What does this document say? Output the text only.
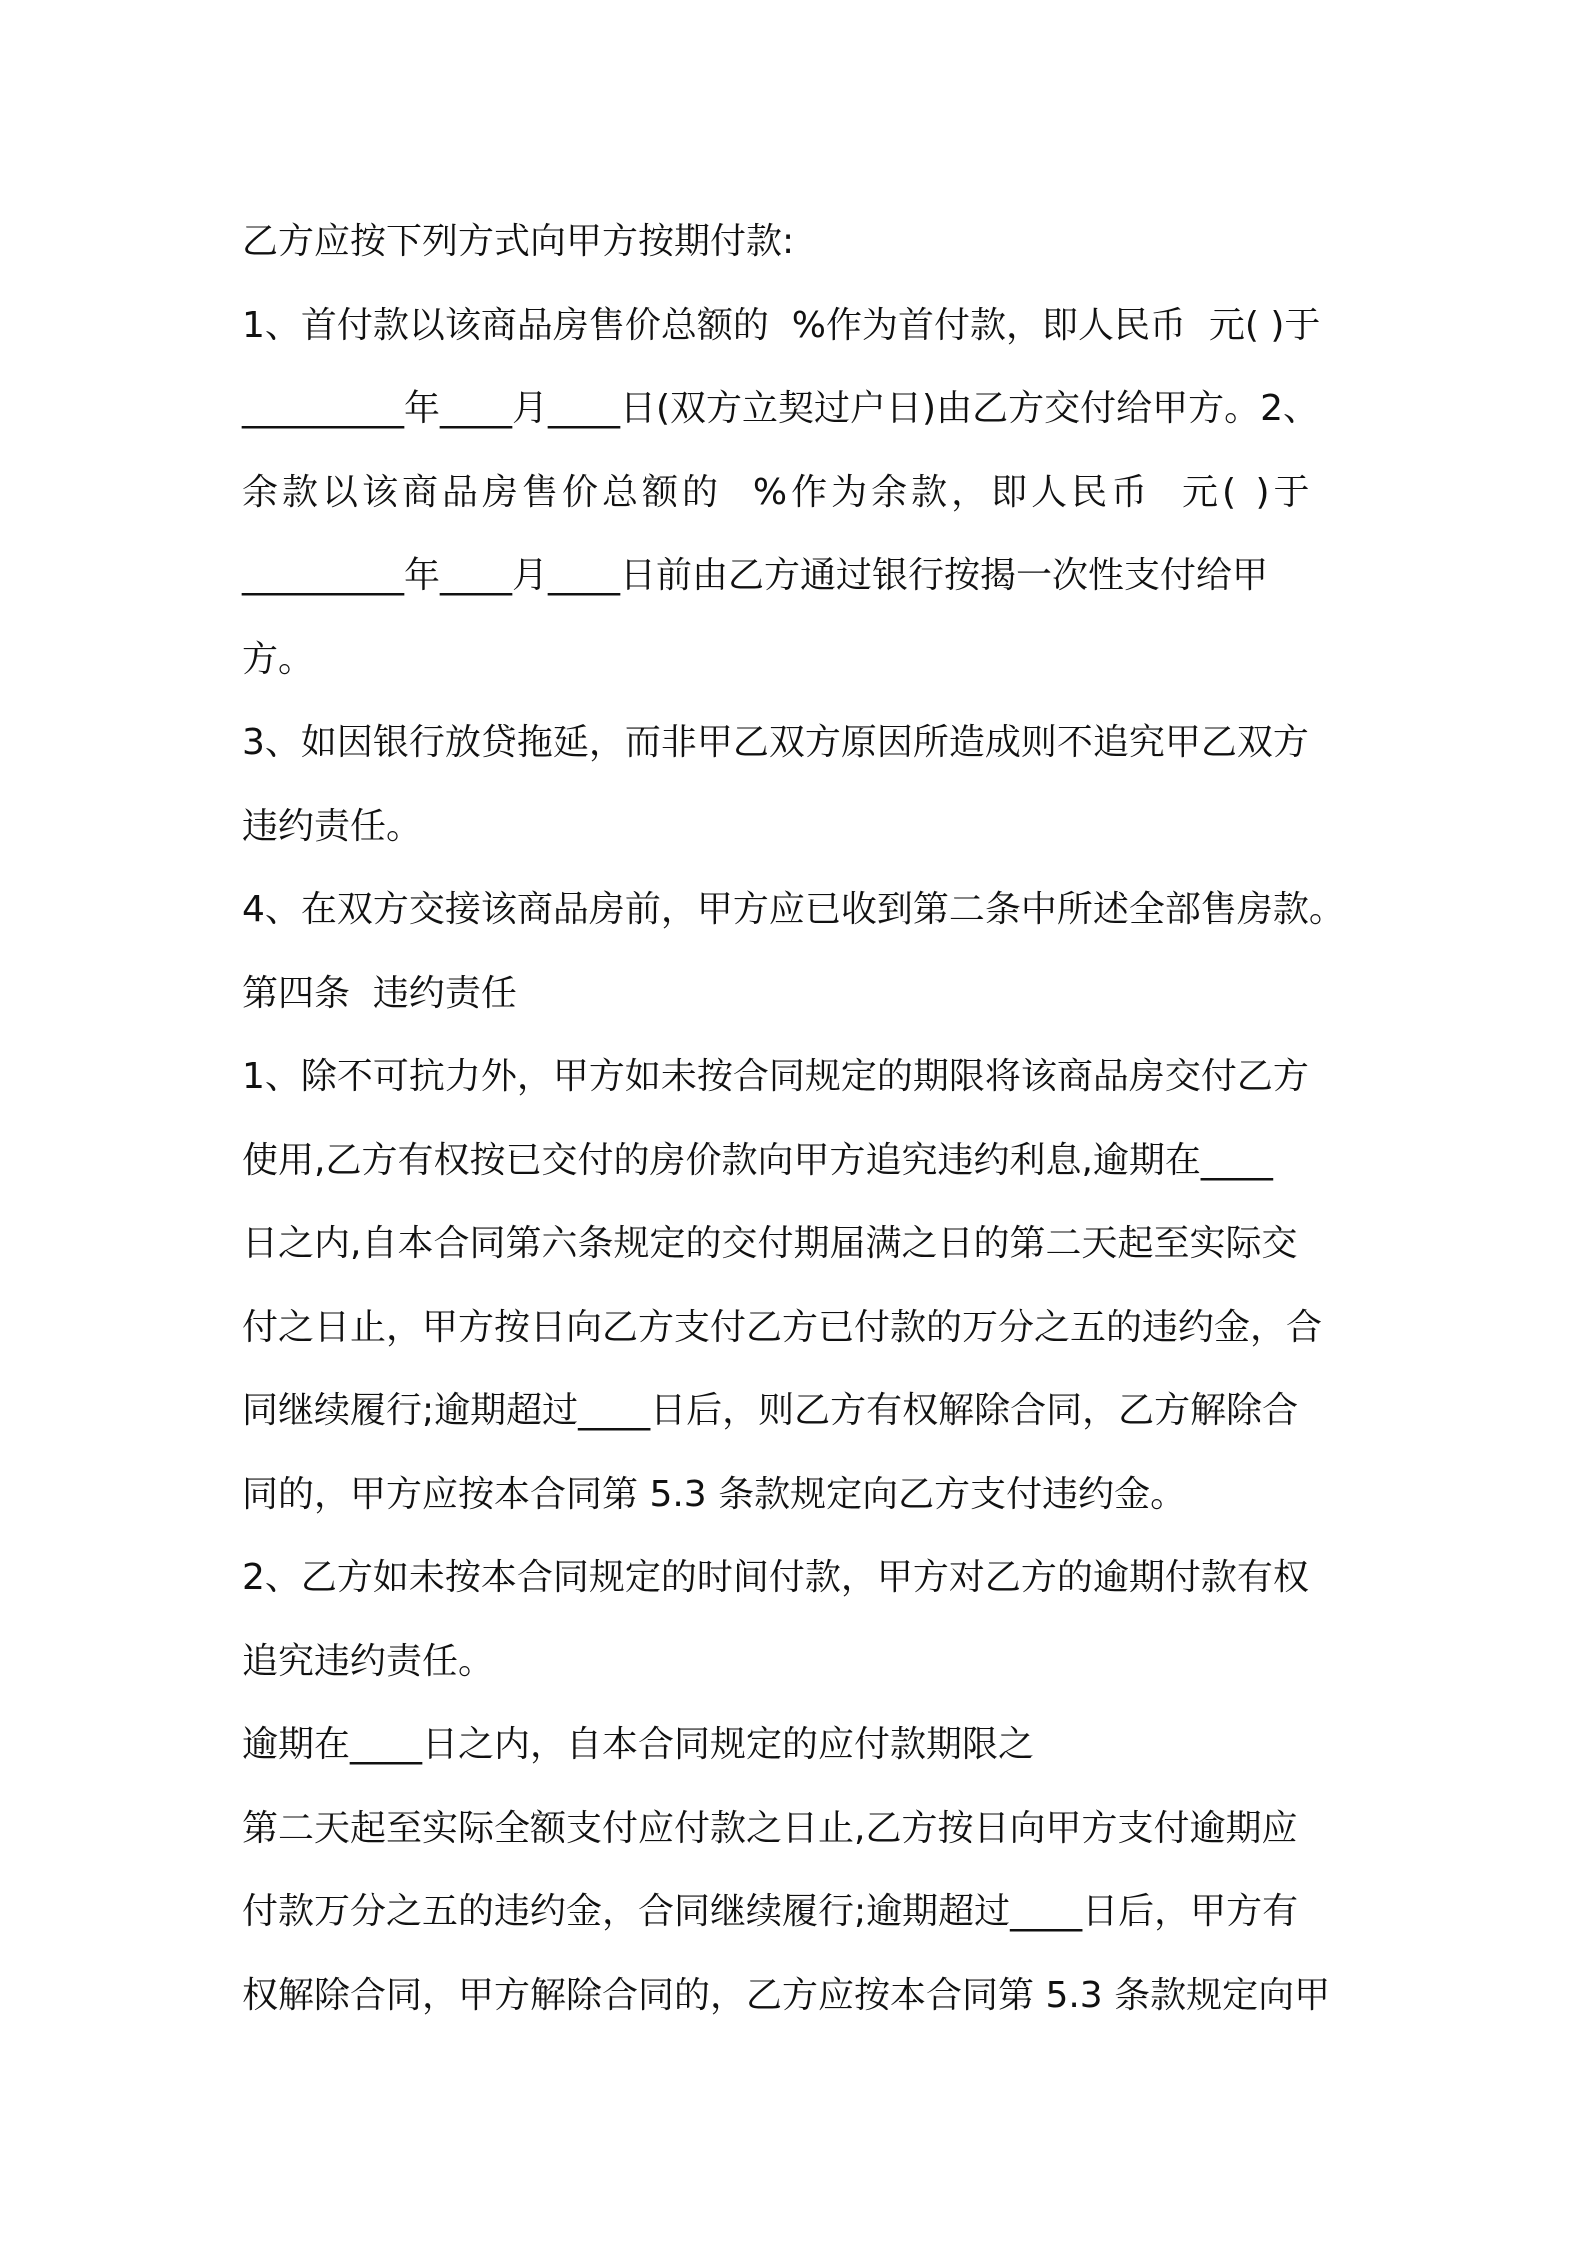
乙方应按下列方式向甲方按期付款:
1、首付款以该商品房售价总额的  %作为首付款，即人民币  元( )于
_________年____月____日(双方立契过户日)由乙方交付给甲方。2、
余款以该商品房售价总额的  %作为余款，即人民币  元( )于
_________年____月____日前由乙方通过银行按揭一次性支付给甲
方。
3、如因银行放贷拖延，而非甲乙双方原因所造成则不追究甲乙双方
违约责任。
4、在双方交接该商品房前，甲方应已收到第二条中所述全部售房款。
第四条  违约责任
1、除不可抗力外，甲方如未按合同规定的期限将该商品房交付乙方
使用,乙方有权按已交付的房价款向甲方追究违约利息,逾期在____
日之内,自本合同第六条规定的交付期届满之日的第二天起至实际交
付之日止，甲方按日向乙方支付乙方已付款的万分之五的违约金，合
同继续履行;逾期超过____日后，则乙方有权解除合同，乙方解除合
同的，甲方应按本合同第 5.3 条款规定向乙方支付违约金。
2、乙方如未按本合同规定的时间付款，甲方对乙方的逾期付款有权
追究违约责任。
逾期在____日之内，自本合同规定的应付款期限之
第二天起至实际全额支付应付款之日止,乙方按日向甲方支付逾期应
付款万分之五的违约金，合同继续履行;逾期超过____日后，甲方有
权解除合同，甲方解除合同的，乙方应按本合同第 5.3 条款规定向甲
